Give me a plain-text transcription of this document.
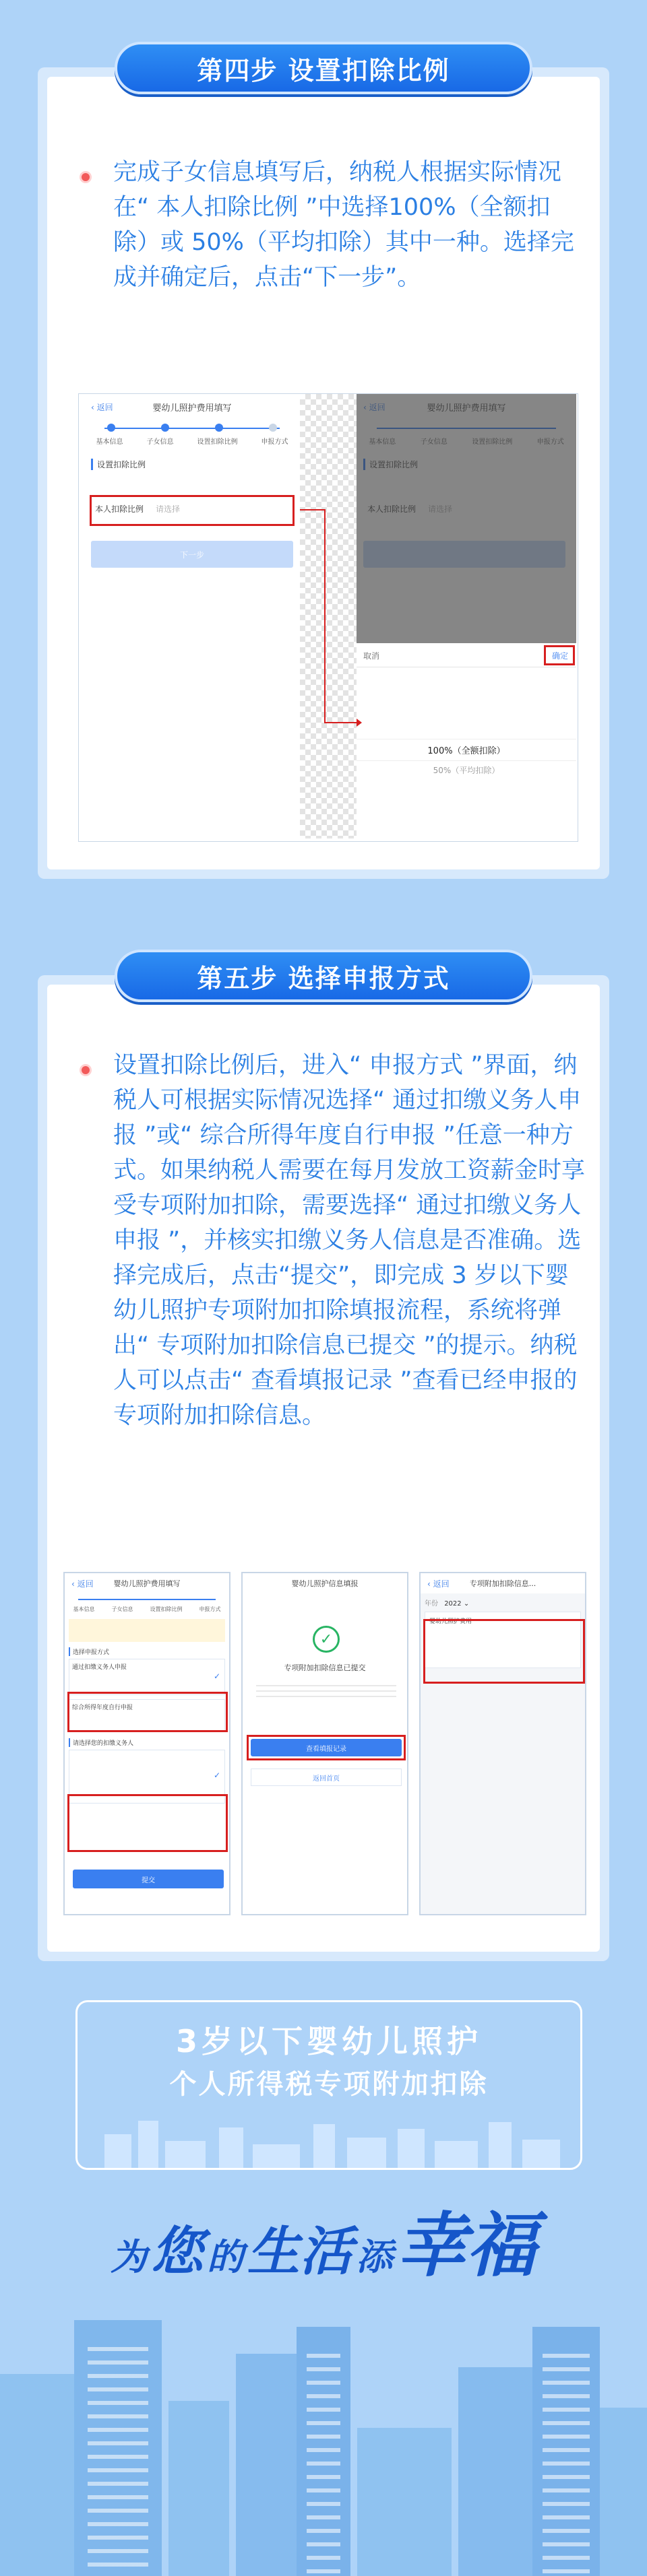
完成子女信息填写后，纳税人根据实际情况在“ 本人扣除比例 ”中选择100%（全额扣除）或 50%（平均扣除）其中一种。选择完成并确定后，点击“下一步”。
‹ 返回	婴幼儿照护费用填写
基本信息	子女信息	设置扣除比例	申报方式
设置扣除比例
本人扣除比例 请选择
下一步
取消	确定
100%（全额扣除）
50%（平均扣除）
第四步 设置扣除比例
设置扣除比例后，进入“ 申报方式 ”界面，纳税人可根据实际情况选择“ 通过扣缴义务人申报 ”或“ 综合所得年度自行申报 ”任意一种方式。如果纳税人需要在每月发放工资薪金时享受专项附加扣除，需要选择“ 通过扣缴义务人申报 ”，并核实扣缴义务人信息是否准确。选择完成后，点击“提交”，即完成 3 岁以下婴幼儿照护专项附加扣除填报流程，系统将弹出“ 专项附加扣除信息已提交 ”的提示。纳税人可以点击“ 查看填报记录 ”查看已经申报的专项附加扣除信息。
‹ 返回	婴幼儿照护费用填写
基本信息	子女信息	设置扣除比例	申报方式
选择申报方式
通过扣缴义务人申报
✓
综合所得年度自行申报
请选择您的扣缴义务人
✓
提交
婴幼儿照护信息填报
✓
专项附加扣除信息已提交
查看填报记录
返回首页
‹ 返回	专项附加扣除信息...
年份 2022 ⌄
婴幼儿照护费用
第五步 选择申报方式
3岁以下婴幼儿照护
个人所得税专项附加扣除
为 您 的 生活 添 幸福
